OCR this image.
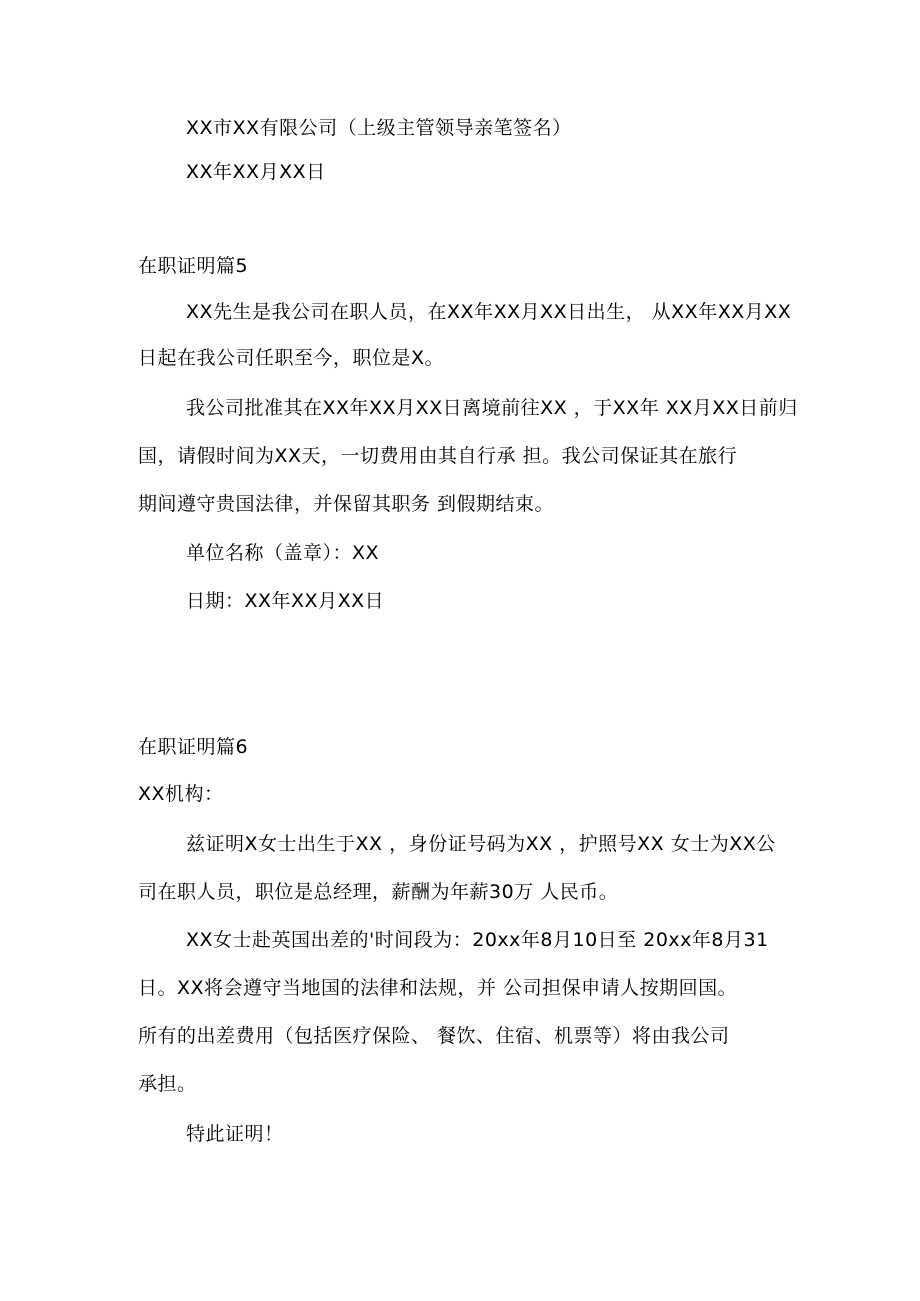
XX市XX有限公司（上级主管领导亲笔签名）
XX年XX月XX日
在职证明篇5
XX先生是我公司在职人员，在XX年XX月XX日出生， 从XX年XX月XX
日起在我公司任职至今，职位是X。
我公司批准其在XX年XX月XX日离境前往XX ，于XX年 XX月XX日前归
国，请假时间为XX天，一切费用由其自行承 担。我公司保证其在旅行
期间遵守贵国法律，并保留其职务 到假期结束。
单位名称（盖章）：XX
日期：XX年XX月XX日
在职证明篇6
XX机构：
兹证明X女士出生于XX ，身份证号码为XX ，护照号XX 女士为XX公
司在职人员，职位是总经理，薪酬为年薪30万 人民币。
XX女士赴英国出差的'时间段为：20xx年8月10日至 20xx年8月31
日。XX将会遵守当地国的法律和法规，并 公司担保申请人按期回国。
所有的出差费用（包括医疗保险、 餐饮、住宿、机票等）将由我公司
承担。
特此证明！
